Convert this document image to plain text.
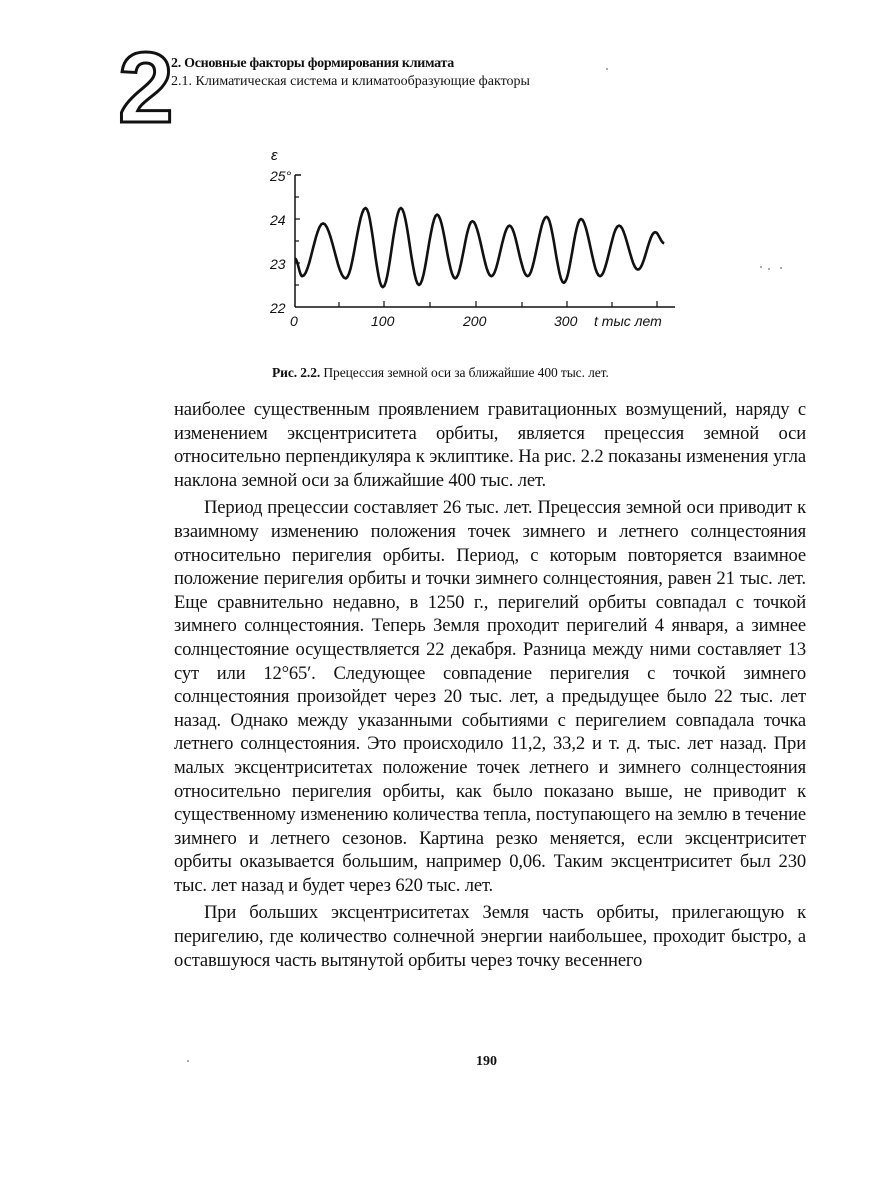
2 2. Основные факторы формирования климата
2.1. Климатическая система и климатообразующие факторы
ε
25°
24
23
22
0	100	200	300 t тыс лет
Рис. 2.2. Прецессия земной оси за ближайшие 400 тыс. лет.

наиболее существенным проявлением гравитационных возмущений, наряду с изменением эксцентриситета орбиты, является прецессия земной оси относительно перпендикуляра к эклиптике. На рис. 2.2 показаны изменения угла наклона земной оси за ближайшие 400 тыс. лет.

Период прецессии составляет 26 тыс. лет. Прецессия земной оси приводит к взаимному изменению положения точек зимнего и летнего солнцестояния относительно перигелия орбиты. Период, с которым повторяется взаимное положение перигелия орбиты и точки зимнего солнцестояния, равен 21 тыс. лет. Еще сравнительно недавно, в 1250 г., перигелий орбиты совпадал с точкой зимнего солнцестояния. Теперь Земля проходит перигелий 4 января, а зимнее солнцестояние осуществляется 22 декабря. Разница между ними составляет 13 сут или 12°65′. Следующее совпадение перигелия с точкой зимнего солнцестояния произойдет через 20 тыс. лет, а предыдущее было 22 тыс. лет назад. Однако между указанными событиями с перигелием совпадала точка летнего солнцестояния. Это происходило 11,2, 33,2 и т. д. тыс. лет назад. При малых эксцентриситетах положение точек летнего и зимнего солнцестояния относительно перигелия орбиты, как было показано выше, не приводит к существенному изменению количества тепла, поступающего на землю в течение зимнего и летнего сезонов. Картина резко меняется, если эксцентриситет орбиты оказывается большим, например 0,06. Таким эксцентриситет был 230 тыс. лет назад и будет через 620 тыс. лет.

При больших эксцентриситетах Земля часть орбиты, прилегающую к перигелию, где количество солнечной энергии наибольшее, проходит быстро, а оставшуюся часть вытянутой орбиты через точку весеннего

190
